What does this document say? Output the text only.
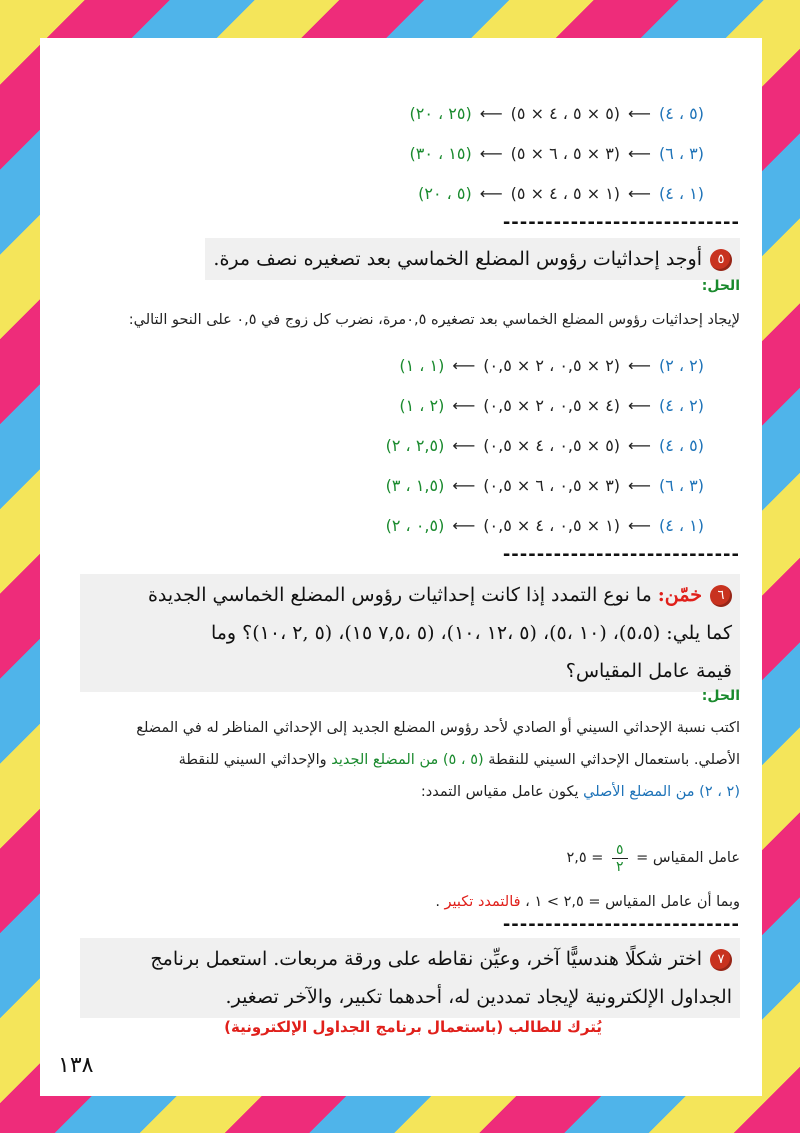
(٥ ، ٤)⟵(٥ × ٥ ، ٤ × ٥)⟵(٢٥ ، ٢٠)
(٣ ، ٦)⟵(٣ × ٥ ، ٦ × ٥)⟵(١٥ ، ٣٠)
(١ ، ٤)⟵(١ × ٥ ، ٤ × ٥)⟵(٥ ، ٢٠)
----------------------------
٥أوجد إحداثيات رؤوس المضلع الخماسي بعد تصغيره نصف مرة.
الحل:
لإيجاد إحداثيات رؤوس المضلع الخماسي بعد تصغيره ٠,٥مرة، نضرب كل زوج في ٠,٥ على النحو التالي:
(٢ ، ٢)⟵(٢ × ٠,٥ ، ٢ × ٠,٥)⟵(١ ، ١)
(٢ ، ٤)⟵(٤ × ٠,٥ ، ٢ × ٠,٥)⟵(٢ ، ١)
(٥ ، ٤)⟵(٥ × ٠,٥ ، ٤ × ٠,٥)⟵(٢,٥ ، ٢)
(٣ ، ٦)⟵(٣ × ٠,٥ ، ٦ × ٠,٥)⟵(١,٥ ، ٣)
(١ ، ٤)⟵(١ × ٠,٥ ، ٤ × ٠,٥)⟵(٠,٥ ، ٢)
----------------------------
٦خمّن: ما نوع التمدد إذا كانت إحداثيات رؤوس المضلع الخماسي الجديدة
كما يلي: (٥،٥)، (١٠ ،٥)، (٥ ،١٢ ،١٠)، (٥ ،٧,٥ ١٥)، (٥ ,٢ ،١٠)؟ وما
قيمة عامل المقياس؟
الحل:
اكتب نسبة الإحداثي السيني أو الصادي لأحد رؤوس المضلع الجديد إلى الإحداثي المناظر له في المضلع
الأصلي. باستعمال الإحداثي السيني للنقطة (٥ ، ٥) من المضلع الجديد والإحداثي السيني للنقطة
(٢ ، ٢) من المضلع الأصلي يكون عامل مقياس التمدد:
عامل المقياس =
$\frac{٥}{٢}$
= ٢,٥
وبما أن عامل المقياس = ٢,٥ > ١ ، فالتمدد تكبير .
----------------------------
٧اختر شكلًا هندسيًّا آخر، وعيِّن نقاطه على ورقة مربعات. استعمل برنامج
الجداول الإلكترونية لإيجاد تمددين له، أحدهما تكبير، والآخر تصغير.
يُترك للطالب (باستعمال برنامج الجداول الإلكترونية)
١٣٨
